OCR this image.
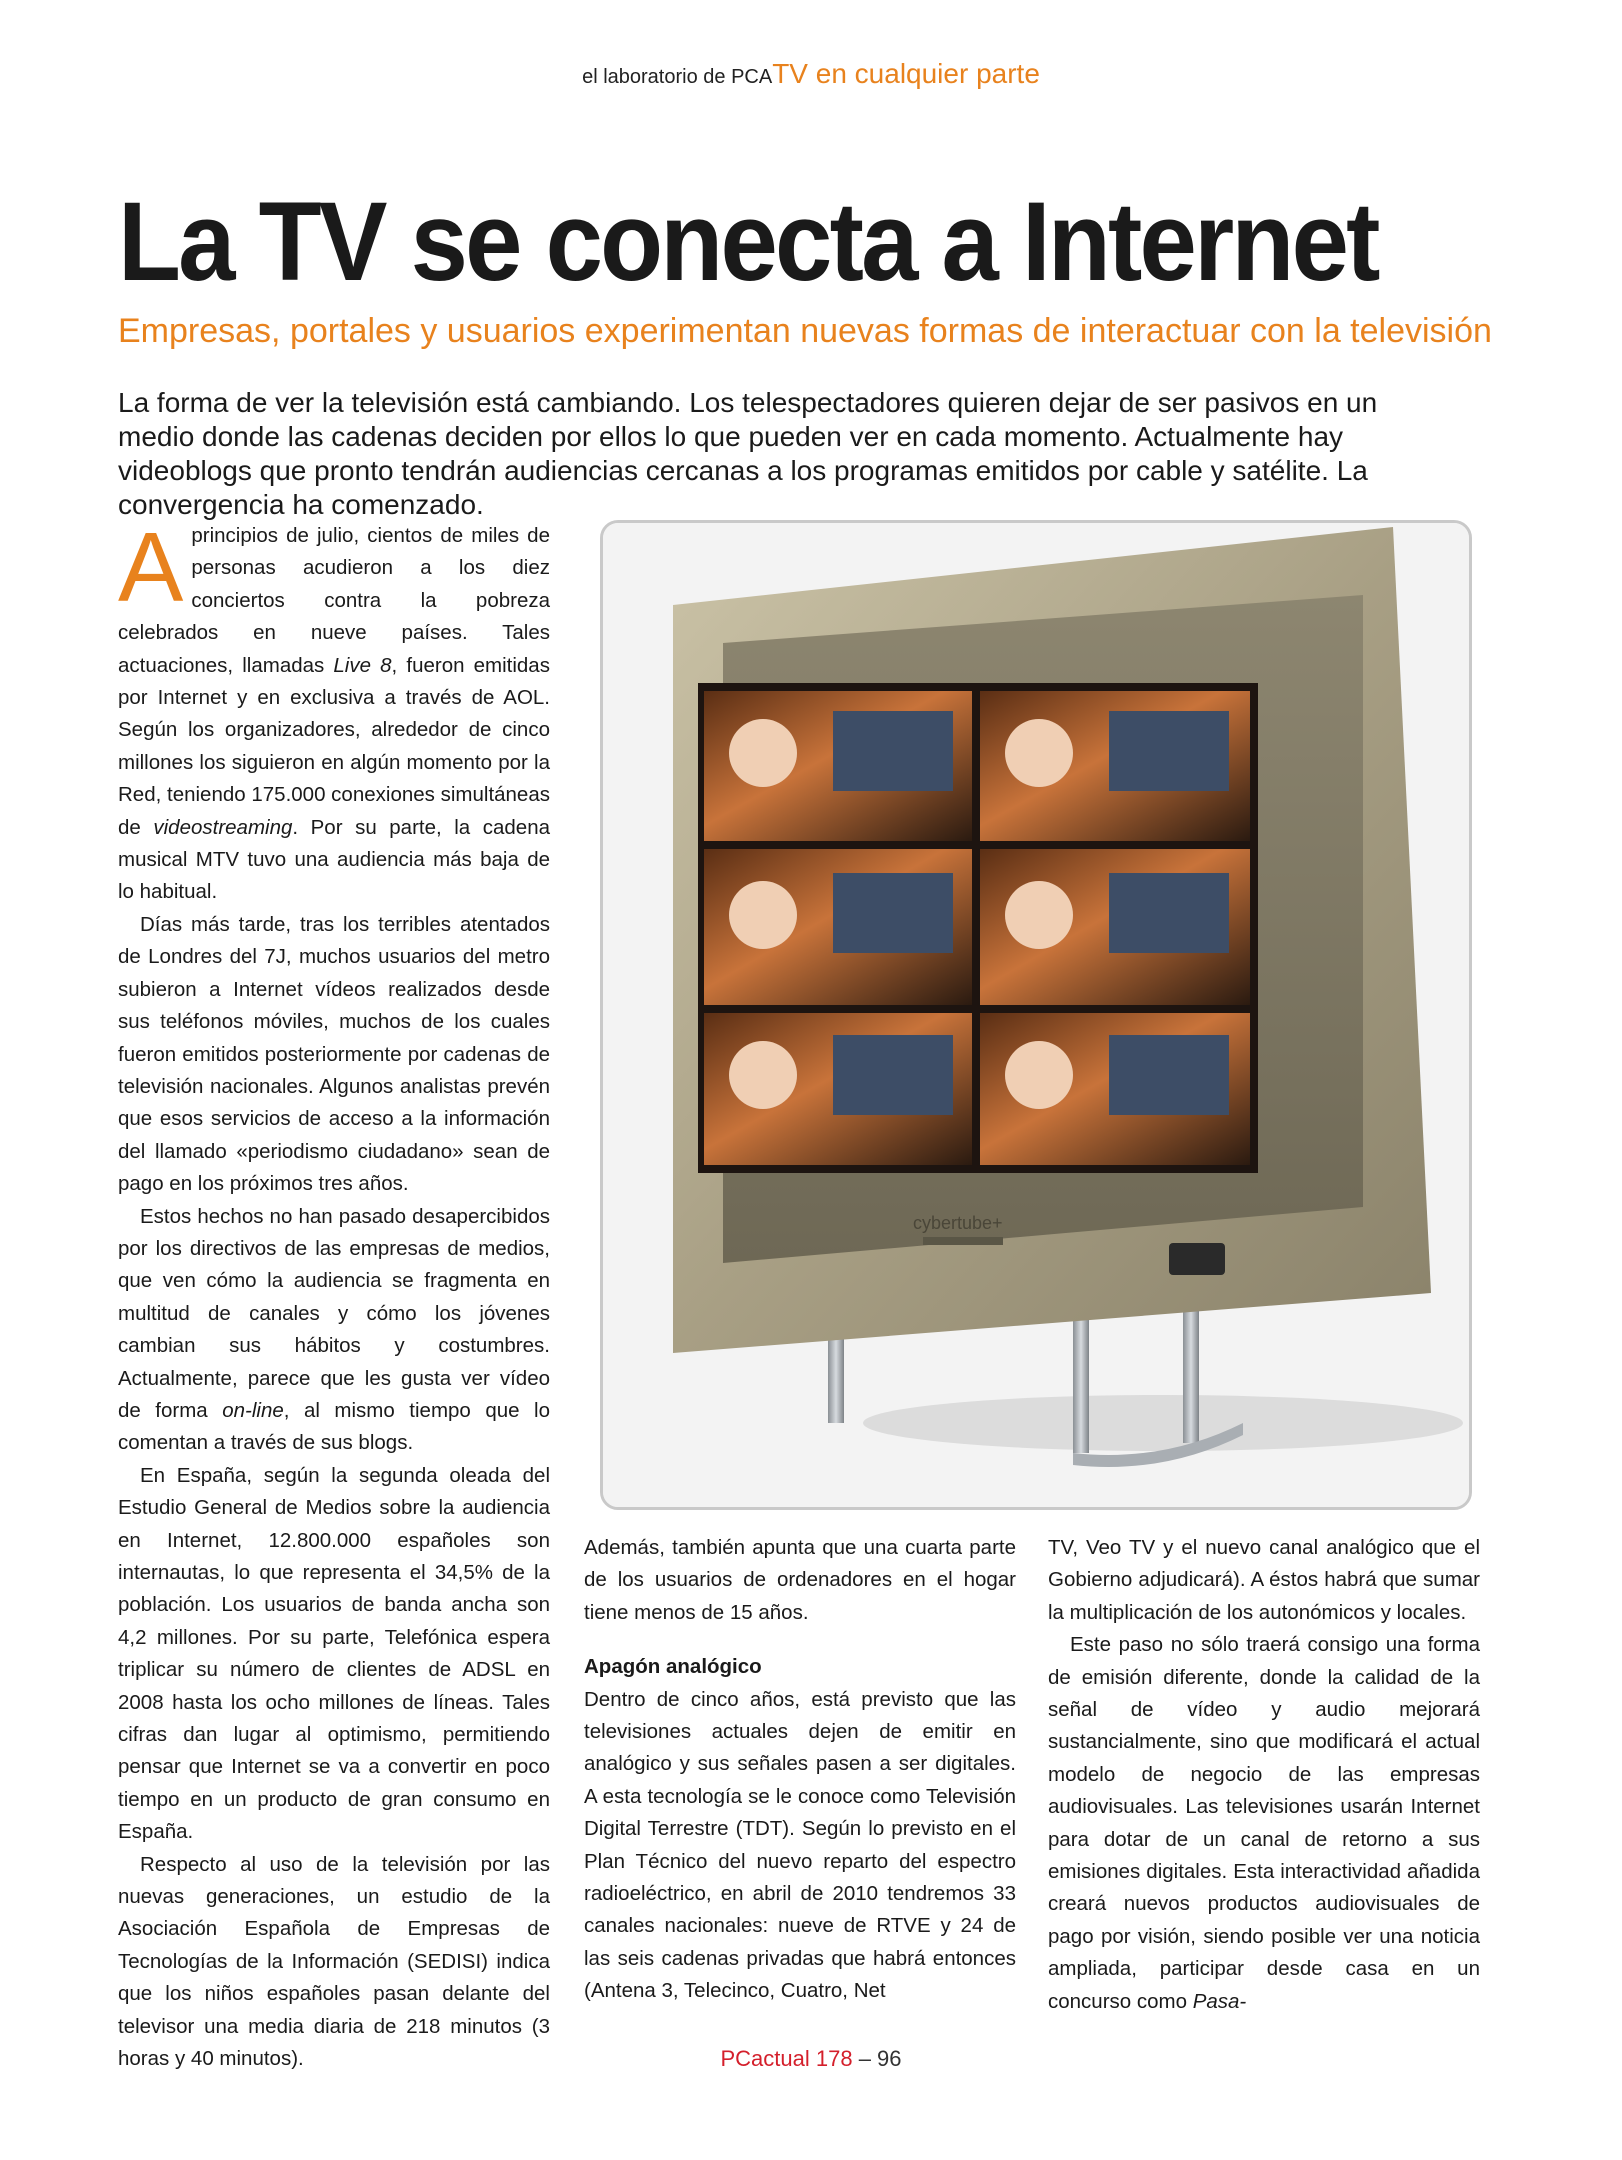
el laboratorio de PCATV en cualquier parte
La TV se conecta a Internet
Empresas, portales y usuarios experimentan nuevas formas de interactuar con la televisión
La forma de ver la televisión está cambiando. Los telespectadores quieren dejar de ser pasivos en un medio donde las cadenas deciden por ellos lo que pueden ver en cada momento. Actualmente hay videoblogs que pronto tendrán audiencias cercanas a los programas emitidos por cable y satélite. La convergencia ha comenzado.

Aprincipios de julio, cientos de miles de personas acudieron a los diez conciertos contra la pobreza celebrados en nueve países. Tales actuaciones, llamadas Live 8, fueron emitidas por Internet y en exclusiva a través de AOL. Según los organizadores, alrededor de cinco millones los siguieron en algún momento por la Red, teniendo 175.000 conexiones simultáneas de videostreaming. Por su parte, la cadena musical MTV tuvo una audiencia más baja de lo habitual.

Días más tarde, tras los terribles atentados de Londres del 7J, muchos usuarios del metro subieron a Internet vídeos realizados desde sus teléfonos móviles, muchos de los cuales fueron emitidos posteriormente por cadenas de televisión nacionales. Algunos analistas prevén que esos servicios de acceso a la información del llamado «periodismo ciudadano» sean de pago en los próximos tres años.

Estos hechos no han pasado desapercibidos por los directivos de las empresas de medios, que ven cómo la audiencia se fragmenta en multitud de canales y cómo los jóvenes cambian sus hábitos y costumbres. Actualmente, parece que les gusta ver vídeo de forma on-line, al mismo tiempo que lo comentan a través de sus blogs.

En España, según la segunda oleada del Estudio General de Medios sobre la audiencia en Internet, 12.800.000 españoles son internautas, lo que representa el 34,5% de la población. Los usuarios de banda ancha son 4,2 millones. Por su parte, Telefónica espera triplicar su número de clientes de ADSL en 2008 hasta los ocho millones de líneas. Tales cifras dan lugar al optimismo, permitiendo pensar que Internet se va a convertir en poco tiempo en un producto de gran consumo en España.

Respecto al uso de la televisión por las nuevas generaciones, un estudio de la Asociación Española de Empresas de Tecnologías de la Información (SEDISI) indica que los niños españoles pasan delante del televisor una media diaria de 218 minutos (3 horas y 40 minutos).

cybertube+

Además, también apunta que una cuarta parte de los usuarios de ordenadores en el hogar tiene menos de 15 años.

Apagón analógico

Dentro de cinco años, está previsto que las televisiones actuales dejen de emitir en analógico y sus señales pasen a ser digitales. A esta tecnología se le conoce como Televisión Digital Terrestre (TDT). Según lo previsto en el Plan Técnico del nuevo reparto del espectro radioeléctrico, en abril de 2010 tendremos 33 canales nacionales: nueve de RTVE y 24 de las seis cadenas privadas que habrá entonces (Antena 3, Telecinco, Cuatro, Net

TV, Veo TV y el nuevo canal analógico que el Gobierno adjudicará). A éstos habrá que sumar la multiplicación de los autonómicos y locales.

Este paso no sólo traerá consigo una forma de emisión diferente, donde la calidad de la señal de vídeo y audio mejorará sustancialmente, sino que modificará el actual modelo de negocio de las empresas audiovisuales. Las televisiones usarán Internet para dotar de un canal de retorno a sus emisiones digitales. Esta interactividad añadida creará nuevos productos audiovisuales de pago por visión, siendo posible ver una noticia ampliada, participar desde casa en un concurso como Pasa-

PCactual 178 – 96
